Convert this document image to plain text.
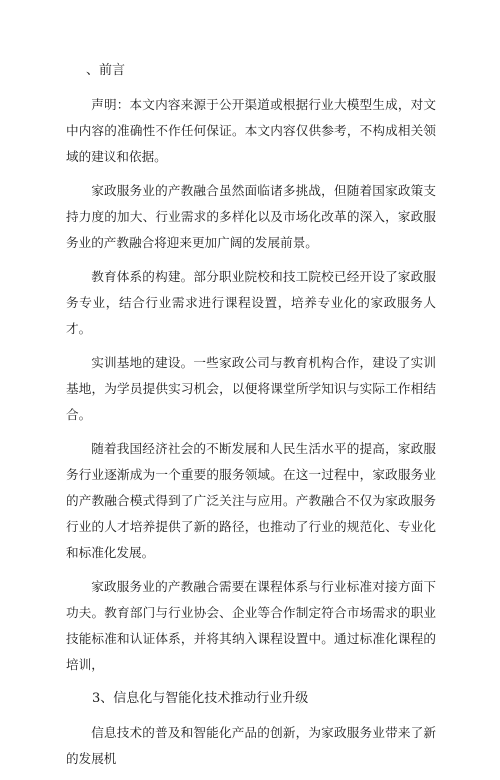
、前言

声明：本文内容来源于公开渠道或根据行业大模型生成，对文中内容的准确性不作任何保证。本文内容仅供参考，不构成相关领域的建议和依据。

家政服务业的产教融合虽然面临诸多挑战，但随着国家政策支持力度的加大、行业需求的多样化以及市场化改革的深入，家政服务业的产教融合将迎来更加广阔的发展前景。

教育体系的构建。部分职业院校和技工院校已经开设了家政服务专业，结合行业需求进行课程设置，培养专业化的家政服务人才。

实训基地的建设。一些家政公司与教育机构合作，建设了实训基地，为学员提供实习机会，以便将课堂所学知识与实际工作相结合。

随着我国经济社会的不断发展和人民生活水平的提高，家政服务行业逐渐成为一个重要的服务领域。在这一过程中，家政服务业的产教融合模式得到了广泛关注与应用。产教融合不仅为家政服务行业的人才培养提供了新的路径，也推动了行业的规范化、专业化和标准化发展。

家政服务业的产教融合需要在课程体系与行业标准对接方面下功夫。教育部门与行业协会、企业等合作制定符合市场需求的职业技能标准和认证体系，并将其纳入课程设置中。通过标准化课程的培训，

3、信息化与智能化技术推动行业升级

信息技术的普及和智能化产品的创新，为家政服务业带来了新的发展机
